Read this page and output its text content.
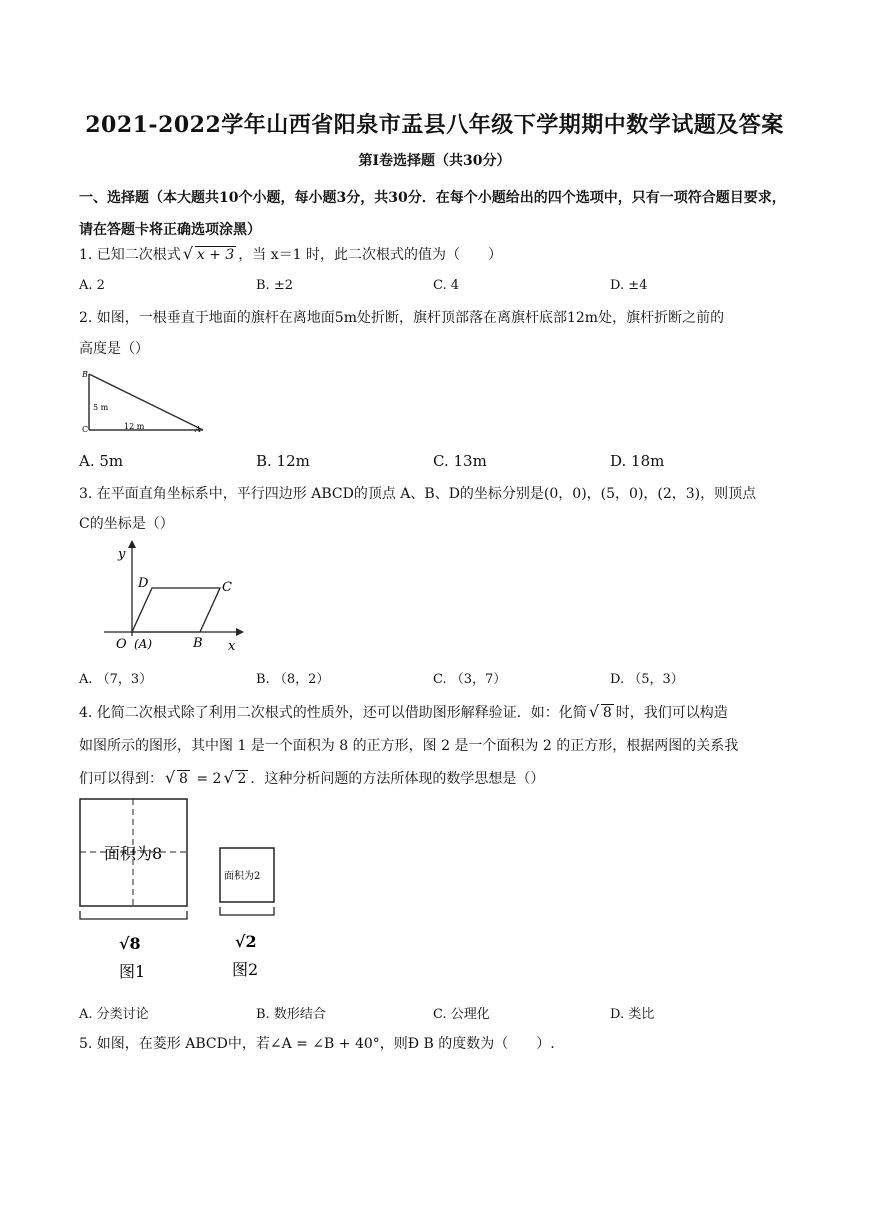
2021-2022学年山西省阳泉市盂县八年级下学期期中数学试题及答案
第Ⅰ卷选择题（共30分）
一、选择题（本大题共10个小题，每小题3分，共30分．在每个小题给出的四个选项中，只有一项符合题目要求，请在答题卡将正确选项涂黑）
1. 已知二次根式 √ x + 3 ，当 x＝1 时，此二次根式的值为（　　）
A. 2	B. ±2	C. 4	D. ±4
2. 如图，一根垂直于地面的旗杆在离地面5m处折断，旗杆顶部落在离旗杆底部12m处，旗杆折断之前的
高度是（）
B
C	A
5 m
12 m
A. 5m	B. 12m	C. 13m	D. 18m
3. 在平面直角坐标系中，平行四边形 ABCD的顶点 A、B、D的坐标分别是(0，0)，(5，0)，(2，3)，则顶点
C的坐标是（）
y
x
D	C
O (A)	B
A. （7，3）	B. （8，2）	C. （3，7）	D. （5，3）
4. 化简二次根式除了利用二次根式的性质外，还可以借助图形解释验证．如：化简 √ 8 时，我们可以构造
如图所示的图形，其中图 1 是一个面积为 8 的正方形，图 2 是一个面积为 2 的正方形，根据两图的关系我
们可以得到： √ 8 = 2 √ 2 ．这种分析问题的方法所体现的数学思想是（）
面积为8
√8
图1
面积为2
√2
图2
A. 分类讨论	B. 数形结合	C. 公理化	D. 类比
5. 如图，在菱形 ABCD中，若∠A = ∠B + 40°，则Ð B 的度数为（　　）.
